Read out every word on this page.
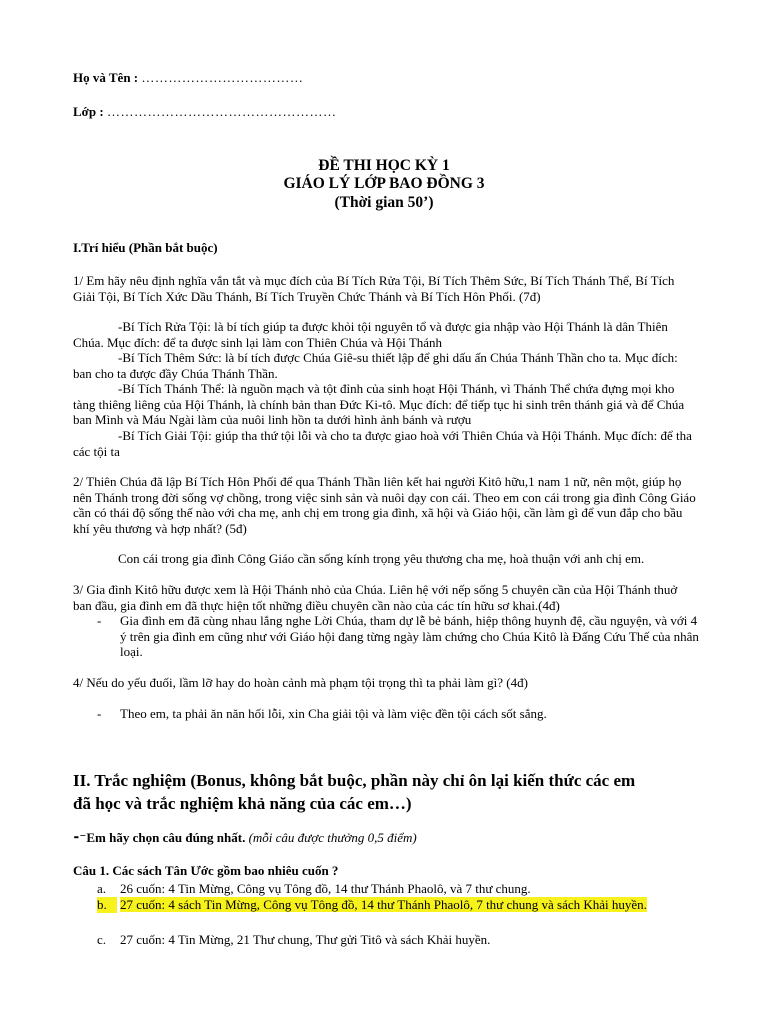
Họ và Tên : ………………………………
Lớp : ……………………………………………
ĐỀ THI HỌC KỲ 1
GIÁO LÝ LỚP BAO ĐỒNG 3
(Thời gian 50’)
I.Trí hiểu (Phần bắt buộc)
1/ Em hãy nêu định nghĩa vắn tắt và mục đích của Bí Tích Rửa Tội, Bí Tích Thêm Sức, Bí Tích Thánh Thể, Bí Tích Giải Tội, Bí Tích Xức Dầu Thánh, Bí Tích Truyền Chức Thánh và Bí Tích Hôn Phối. (7đ)
-Bí Tích Rửa Tội: là bí tích giúp ta được khỏi tội nguyên tổ và được gia nhập vào Hội Thánh là dân Thiên Chúa. Mục đích: để ta được sinh lại làm con Thiên Chúa và Hội Thánh
-Bí Tích Thêm Sức: là bí tích được Chúa Giê-su thiết lập để ghi dấu ấn Chúa Thánh Thần cho ta. Mục đích: ban cho ta được đầy Chúa Thánh Thần.
-Bí Tích Thánh Thể: là nguồn mạch và tột đỉnh của sinh hoạt Hội Thánh, vì Thánh Thể chứa đựng mọi kho tàng thiêng liêng của Hội Thánh, là chính bản than Đức Ki-tô. Mục đích: để tiếp tục hi sinh trên thánh giá và để Chúa ban Mình và Máu Ngài làm của nuôi linh hồn ta dưới hình ảnh bánh và rượu
-Bí Tích Giải Tội: giúp tha thứ tội lỗi và cho ta được giao hoà với Thiên Chúa và Hội Thánh. Mục đích: để tha các tội ta
2/ Thiên Chúa đã lập Bí Tích Hôn Phối để qua Thánh Thần liên kết hai người Kitô hữu,1 nam 1 nữ, nên một, giúp họ nên Thánh trong đời sống vợ chồng, trong việc sinh sản và nuôi dạy con cái. Theo em con cái trong gia đình Công Giáo cần có thái độ sống thế nào với cha mẹ, anh chị em trong gia đình, xã hội và Giáo hội, cần làm gì để vun đắp cho bầu khí yêu thương và hợp nhất? (5đ)
Con cái trong gia đình Công Giáo cần sống kính trọng yêu thương cha mẹ, hoà thuận với anh chị em.
3/ Gia đình Kitô hữu được xem là Hội Thánh nhỏ của Chúa. Liên hệ với nếp sống 5 chuyên cần của Hội Thánh thuở ban đầu, gia đình em đã thực hiện tốt những điều chuyên cần nào của các tín hữu sơ khai.(4đ)
-	Gia đình em đã cùng nhau lắng nghe Lời Chúa, tham dự lễ bẻ bánh, hiệp thông huynh đệ, cầu nguyện, và với 4 ý trên gia đình em cũng như với Giáo hội đang từng ngày làm chứng cho Chúa Kitô là Đấng Cứu Thế của nhân loại.
4/ Nếu do yếu đuối, lầm lỡ hay do hoàn cảnh mà phạm tội trọng thì ta phải làm gì? (4đ)
-	Theo em, ta phải ăn năn hối lỗi, xin Cha giải tội và làm việc đền tội cách sốt sắng.
II. Trắc nghiệm (Bonus, không bắt buộc, phần này chỉ ôn lại kiến thức các em
đã học và trắc nghiệm khả năng của các em…)
⁃⁻Em hãy chọn câu đúng nhất. (mỗi câu được thưởng 0,5 điểm)
Câu 1. Các sách Tân Ước gồm bao nhiêu cuốn ?
a.	26 cuốn: 4 Tin Mừng, Công vụ Tông đồ, 14 thư Thánh Phaolô, và 7 thư chung.
b.	27 cuốn: 4 sách Tin Mừng, Công vụ Tông đồ, 14 thư Thánh Phaolô, 7 thư chung và sách Khải huyền.
c.	27 cuốn: 4 Tin Mừng, 21 Thư chung, Thư gửi Titô và sách Khải huyền.
